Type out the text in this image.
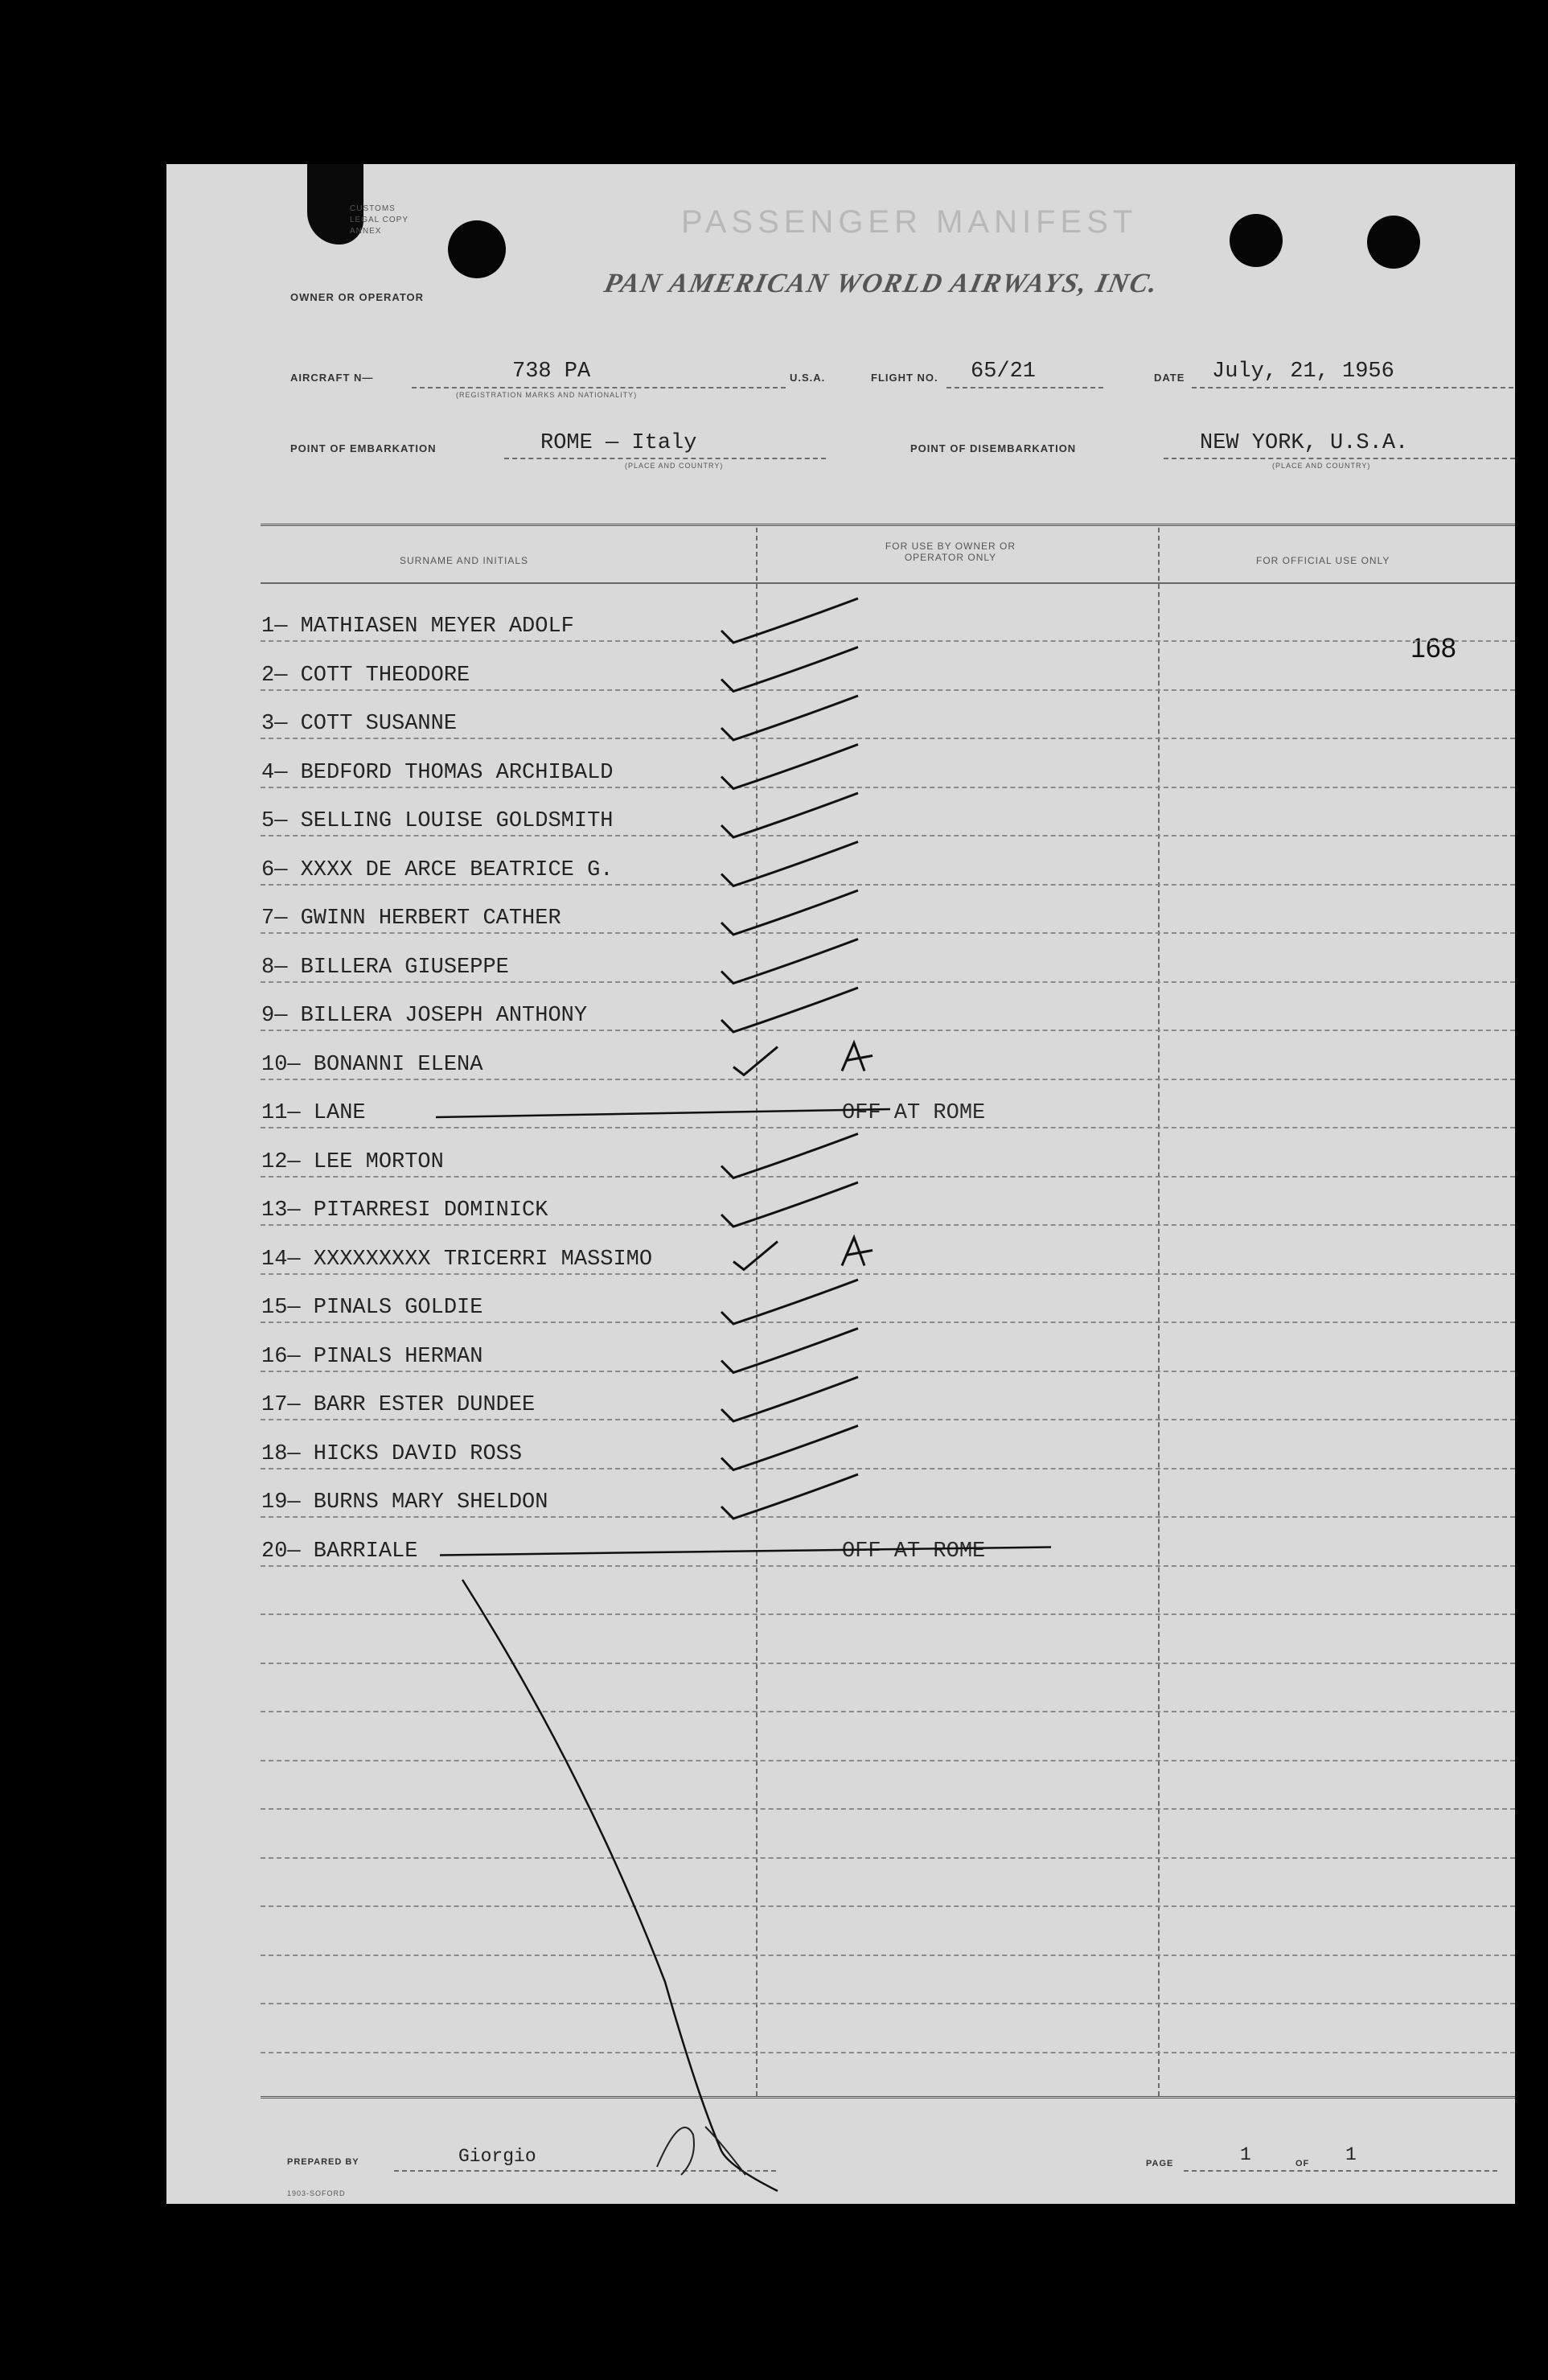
CUSTOMS
LEGAL COPY
ANNEX	PASSENGER MANIFEST
OWNER OR OPERATOR	PAN AMERICAN WORLD AIRWAYS, INC.
AIRCRAFT N—	738 PA
(REGISTRATION MARKS AND NATIONALITY)
U.S.A.	FLIGHT NO. 65/21	DATE July, 21, 1956
POINT OF EMBARKATION	ROME — Italy
(PLACE AND COUNTRY)
POINT OF DISEMBARKATION	NEW YORK, U.S.A.
(PLACE AND COUNTRY)
SURNAME AND INITIALS
FOR USE BY OWNER OR OPERATOR ONLY	FOR OFFICIAL USE ONLY
168
1— MATHIASEN MEYER ADOLF
2— COTT THEODORE
3— COTT SUSANNE
4— BEDFORD THOMAS ARCHIBALD
5— SELLING LOUISE GOLDSMITH
6— XXXX DE ARCE BEATRICE G.
7— GWINN HERBERT CATHER
8— BILLERA GIUSEPPE
9— BILLERA JOSEPH ANTHONY
10— BONANNI ELENA
11— LANE	OFF AT ROME
12— LEE MORTON
13— PITARRESI DOMINICK
14— XXXXXXXXX TRICERRI MASSIMO
15— PINALS GOLDIE
16— PINALS HERMAN
17— BARR ESTER DUNDEE
18— HICKS DAVID ROSS
19— BURNS MARY SHELDON
20— BARRIALE	OFF AT ROME
PREPARED BY	Giorgio
1903-SOFORD
PAGE	1	OF 1
